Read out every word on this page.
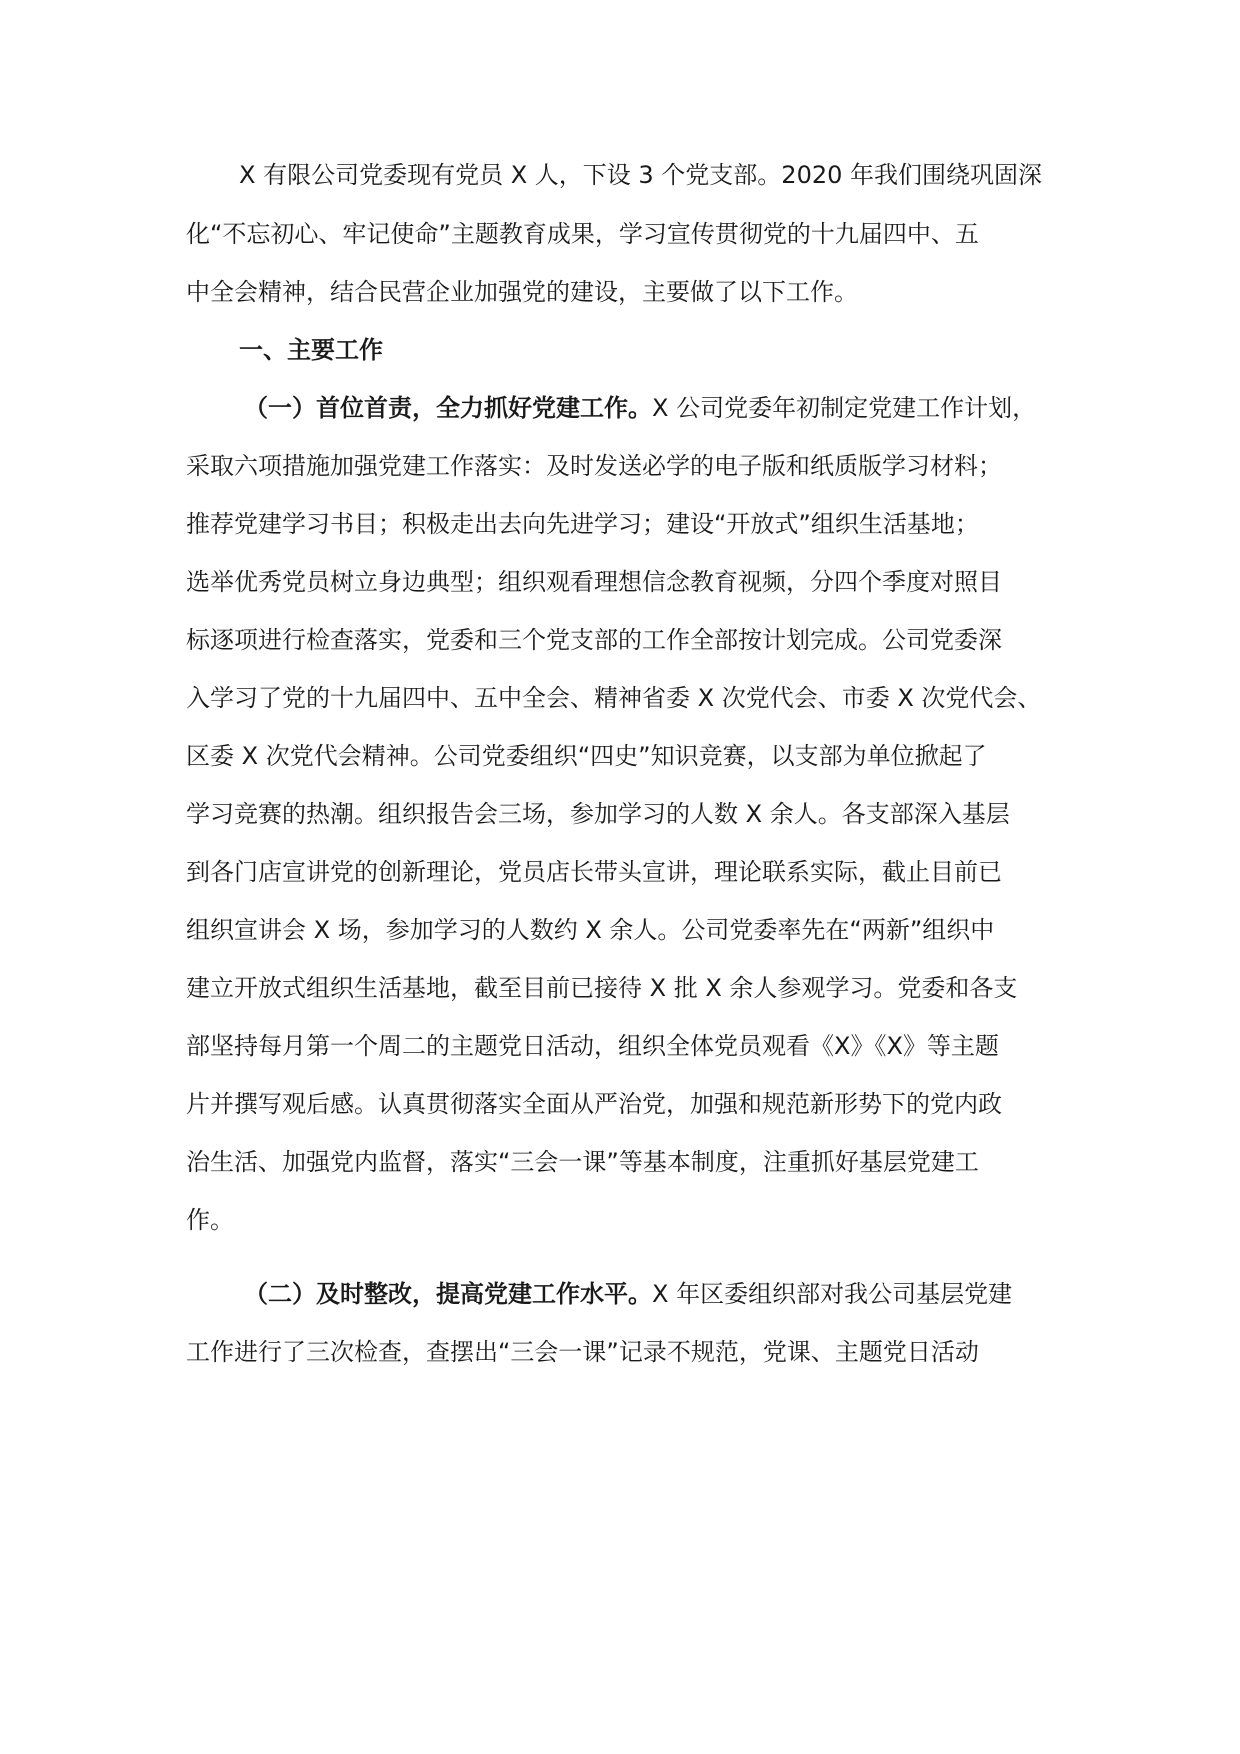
X 有限公司党委现有党员 X 人，下设 3 个党支部。2020 年我们围绕巩固深
化“不忘初心、牢记使命”主题教育成果，学习宣传贯彻党的十九届四中、五
中全会精神，结合民营企业加强党的建设，主要做了以下工作。
一、主要工作
（一）首位首责，全力抓好党建工作。X 公司党委年初制定党建工作计划，
采取六项措施加强党建工作落实：及时发送必学的电子版和纸质版学习材料；
推荐党建学习书目；积极走出去向先进学习；建设“开放式”组织生活基地；
选举优秀党员树立身边典型；组织观看理想信念教育视频，分四个季度对照目
标逐项进行检查落实，党委和三个党支部的工作全部按计划完成。公司党委深
入学习了党的十九届四中、五中全会、精神省委 X 次党代会、市委 X 次党代会、
区委 X 次党代会精神。公司党委组织“四史”知识竞赛，以支部为单位掀起了
学习竞赛的热潮。组织报告会三场，参加学习的人数 X 余人。各支部深入基层
到各门店宣讲党的创新理论，党员店长带头宣讲，理论联系实际，截止目前已
组织宣讲会 X 场，参加学习的人数约 X 余人。公司党委率先在“两新”组织中
建立开放式组织生活基地，截至目前已接待 X 批 X 余人参观学习。党委和各支
部坚持每月第一个周二的主题党日活动，组织全体党员观看《X》《X》等主题
片并撰写观后感。认真贯彻落实全面从严治党，加强和规范新形势下的党内政
治生活、加强党内监督，落实“三会一课”等基本制度，注重抓好基层党建工
作。
（二）及时整改，提高党建工作水平。X 年区委组织部对我公司基层党建
工作进行了三次检查，查摆出“三会一课”记录不规范，党课、主题党日活动
